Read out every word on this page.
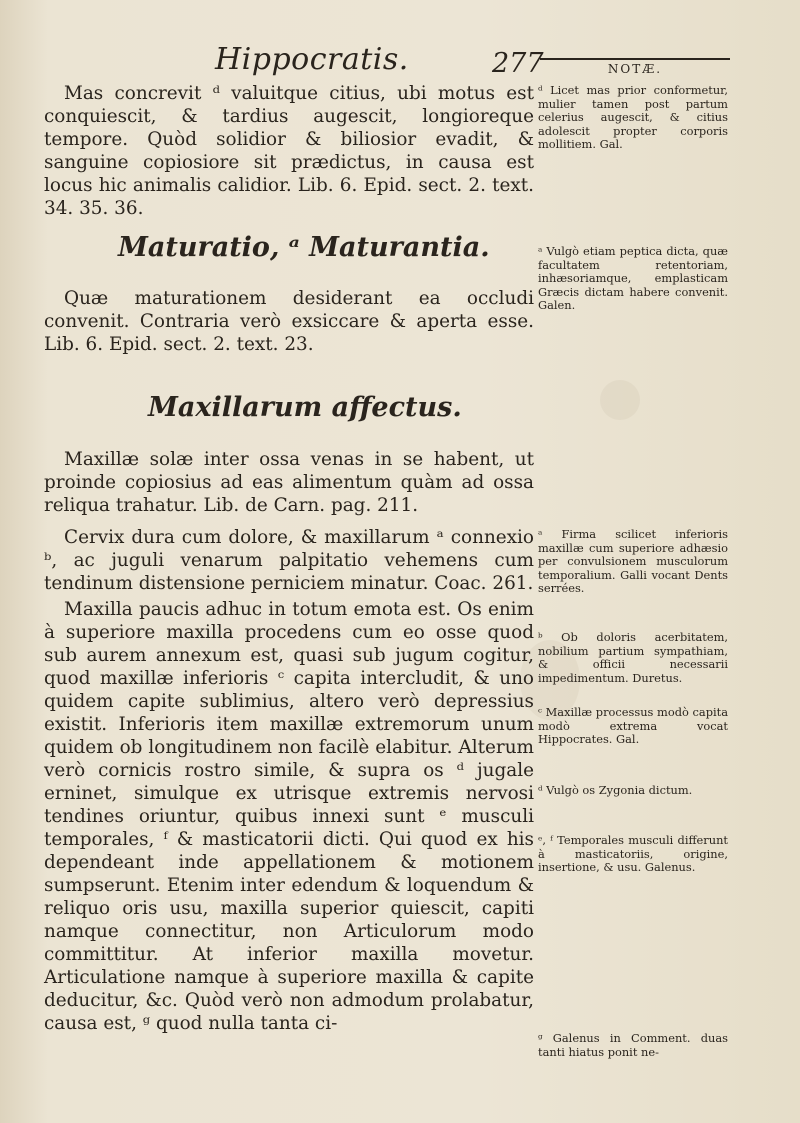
Hippocratis.	277	NOTÆ.

Mas concrevit ᵈ valuitque citius, ubi motus est conquiescit, & tardius augescit, longioreque tempore. Quòd solidior & biliosior evadit, & sanguine copiosiore sit prædictus, in causa est locus hic animalis calidior. Lib. 6. Epid. sect. 2. text. 34. 35. 36.

Maturatio, ᵃ Maturantia.

Quæ maturationem desiderant ea occludi convenit. Contraria verò exsiccare & aperta esse. Lib. 6. Epid. sect. 2. text. 23.

Maxillarum affectus.

Maxillæ solæ inter ossa venas in se habent, ut proinde copiosius ad eas alimentum quàm ad ossa reliqua trahatur. Lib. de Carn. pag. 211.

Cervix dura cum dolore, & maxillarum ᵃ connexio ᵇ, ac juguli venarum palpitatio vehemens cum tendinum distensione perniciem minatur. Coac. 261.

Maxilla paucis adhuc in totum emota est. Os enim à superiore maxilla procedens cum eo osse quod sub aurem annexum est, quasi sub jugum cogitur, quod maxillæ inferioris ᶜ capita intercludit, & uno quidem capite sublimius, altero verò depressius existit. Inferioris item maxillæ extremorum unum quidem ob longitudinem non facilè elabitur. Alterum verò cornicis rostro simile, & supra os ᵈ jugale erninet, simulque ex utrisque extremis nervosi tendines oriuntur, quibus innexi sunt ᵉ musculi temporales, ᶠ & masticatorii dicti. Qui quod ex his dependeant inde appellationem & motionem sumpserunt. Etenim inter edendum & loquendum & reliquo oris usu, maxilla superior quiescit, capiti namque connectitur, non Articulorum modo committitur. At inferior maxilla movetur. Articulatione namque à superiore maxilla & capite deducitur, &c. Quòd verò non admodum prolabatur, causa est, ᵍ quod nulla tanta ci-

ᵈ Licet mas prior conformetur, mulier tamen post partum celerius augescit, & citius adolescit propter corporis mollitiem. Gal.

ᵃ Vulgò etiam peptica dicta, quæ facultatem retentoriam, inhæsoriamque, emplasticam Græcis dictam habere convenit. Galen.

ᵃ Firma scilicet inferioris maxillæ cum superiore adhæsio per convulsionem musculorum temporalium. Galli vocant Dents serrées.

ᵇ Ob doloris acerbitatem, nobilium partium sympathiam, & officii necessarii impedimentum. Duretus.

ᶜ Maxillæ processus modò capita modò extrema vocat Hippocrates. Gal.

ᵈ Vulgò os Zygonia dictum.

ᵉ, ᶠ Temporales musculi differunt à masticatoriis, origine, insertione, & usu. Galenus.

ᵍ Galenus in Comment. duas tanti hiatus ponit ne-
